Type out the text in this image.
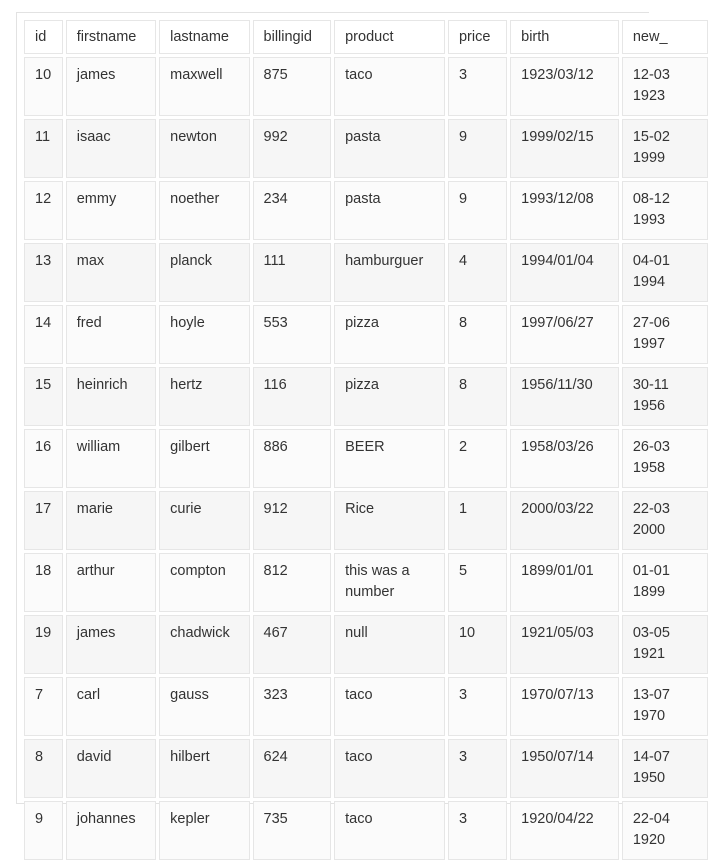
id	firstname	lastname	billingid	product	price	birth	new_
10	james	maxwell	875	taco	3	1923/03/12	12-03
1923

11	isaac	newton	992	pasta	9	1999/02/15	15-02
1999

12	emmy	noether	234	pasta	9	1993/12/08	08-12
1993

13	max	planck	111	hamburguer	4	1994/01/04	04-01
1994

14	fred	hoyle	553	pizza	8	1997/06/27	27-06
1997

15	heinrich	hertz	116	pizza	8	1956/11/30	30-11
1956

16	william	gilbert	886	BEER	2	1958/03/26	26-03
1958

17	marie	curie	912	Rice	1	2000/03/22	22-03
2000

18	arthur	compton	812	this was a number	5	1899/01/01	01-01
1899

19	james	chadwick	467	null	10	1921/05/03	03-05
1921

7	carl	gauss	323	taco	3	1970/07/13	13-07
1970

8	david	hilbert	624	taco	3	1950/07/14	14-07
1950

9	johannes	kepler	735	taco	3	1920/04/22	22-04
1920
